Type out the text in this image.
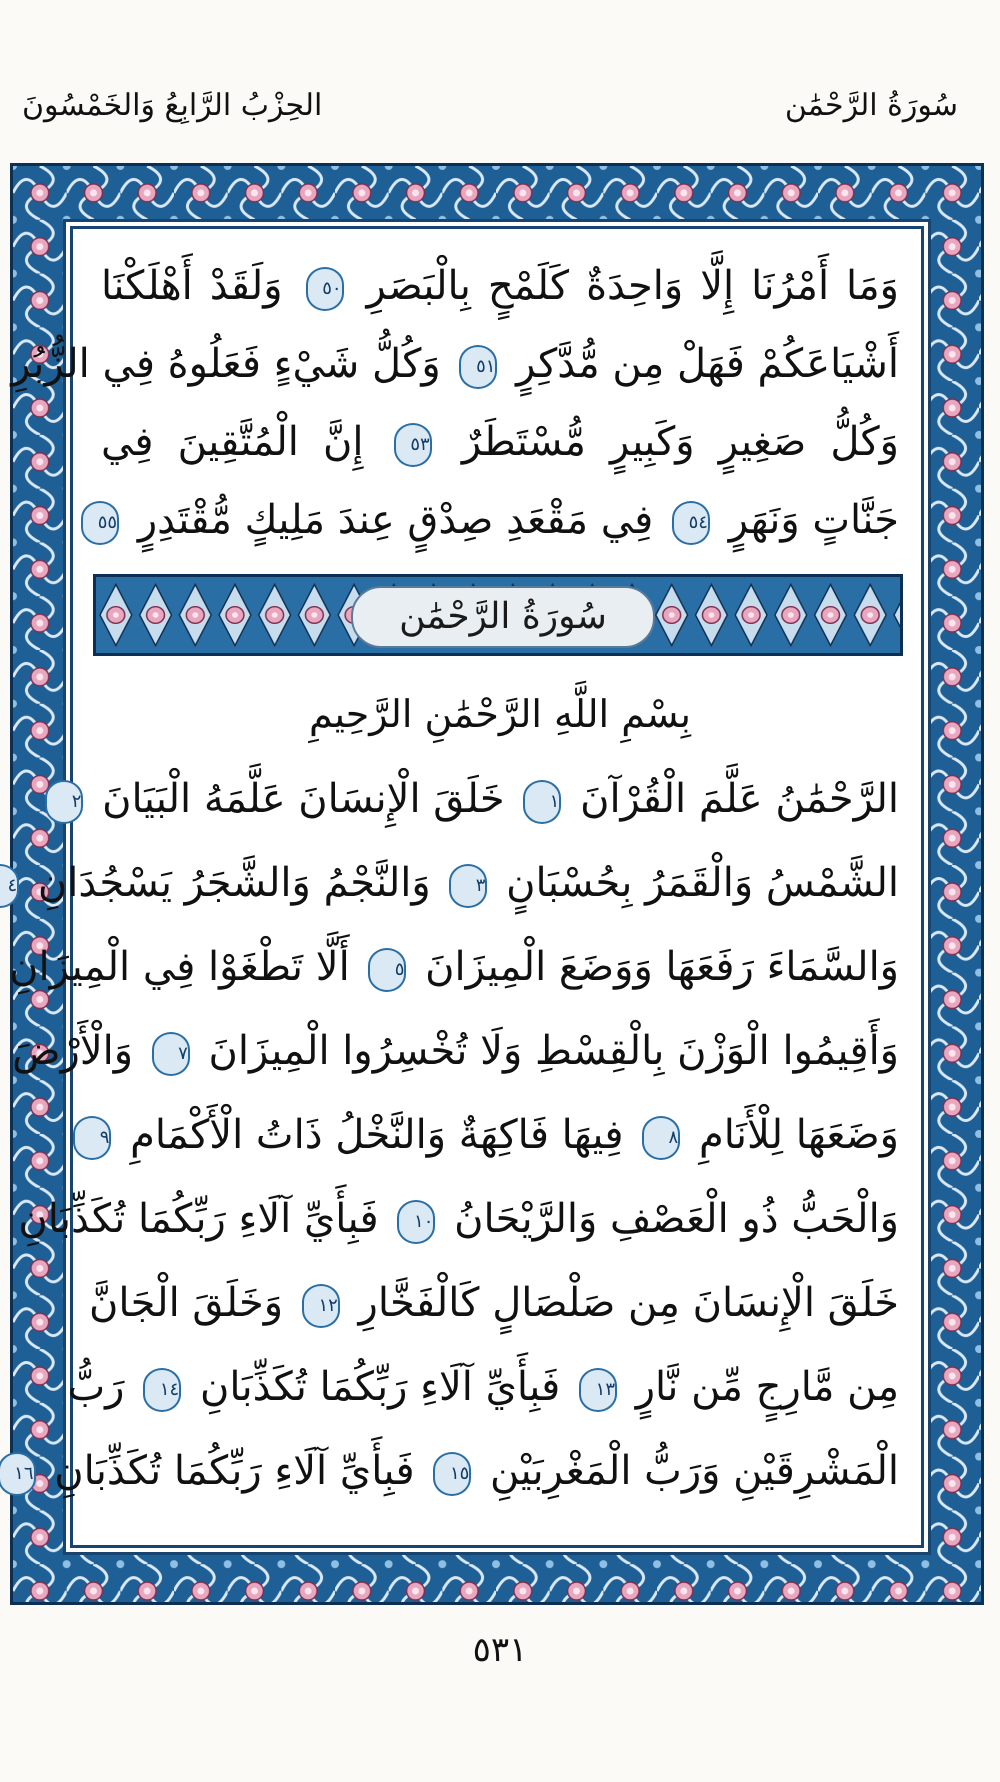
الحِزْبُ الرَّابِعُ وَالخَمْسُونَ	سُورَةُ الرَّحْمَٰن
وَمَا أَمْرُنَا إِلَّا وَاحِدَةٌ كَلَمْحٍ بِالْبَصَرِ ٥٠ وَلَقَدْ أَهْلَكْنَا
أَشْيَاعَكُمْ فَهَلْ مِن مُّدَّكِرٍ ٥١ وَكُلُّ شَيْءٍ فَعَلُوهُ فِي الزُّبُرِ
وَكُلُّ صَغِيرٍ وَكَبِيرٍ مُّسْتَطَرٌ ٥٣ إِنَّ الْمُتَّقِينَ فِي
جَنَّاتٍ وَنَهَرٍ ٥٤ فِي مَقْعَدِ صِدْقٍ عِندَ مَلِيكٍ مُّقْتَدِرٍ ٥٥
سُورَةُ الرَّحْمَٰن
بِسْمِ اللَّهِ الرَّحْمَٰنِ الرَّحِيمِ
الرَّحْمَٰنُ عَلَّمَ الْقُرْآنَ ١ خَلَقَ الْإِنسَانَ عَلَّمَهُ الْبَيَانَ ٢
الشَّمْسُ وَالْقَمَرُ بِحُسْبَانٍ ٣ وَالنَّجْمُ وَالشَّجَرُ يَسْجُدَانِ ٤
وَالسَّمَاءَ رَفَعَهَا وَوَضَعَ الْمِيزَانَ ٥ أَلَّا تَطْغَوْا فِي الْمِيزَانِ
وَأَقِيمُوا الْوَزْنَ بِالْقِسْطِ وَلَا تُخْسِرُوا الْمِيزَانَ ٧ وَالْأَرْضَ
وَضَعَهَا لِلْأَنَامِ ٨ فِيهَا فَاكِهَةٌ وَالنَّخْلُ ذَاتُ الْأَكْمَامِ ٩
وَالْحَبُّ ذُو الْعَصْفِ وَالرَّيْحَانُ ١٠ فَبِأَيِّ آلَاءِ رَبِّكُمَا تُكَذِّبَانِ
خَلَقَ الْإِنسَانَ مِن صَلْصَالٍ كَالْفَخَّارِ ١٢ وَخَلَقَ الْجَانَّ
مِن مَّارِجٍ مِّن نَّارٍ ١٣ فَبِأَيِّ آلَاءِ رَبِّكُمَا تُكَذِّبَانِ ١٤ رَبُّ
الْمَشْرِقَيْنِ وَرَبُّ الْمَغْرِبَيْنِ ١٥ فَبِأَيِّ آلَاءِ رَبِّكُمَا تُكَذِّبَانِ ١٦
٥٣١
